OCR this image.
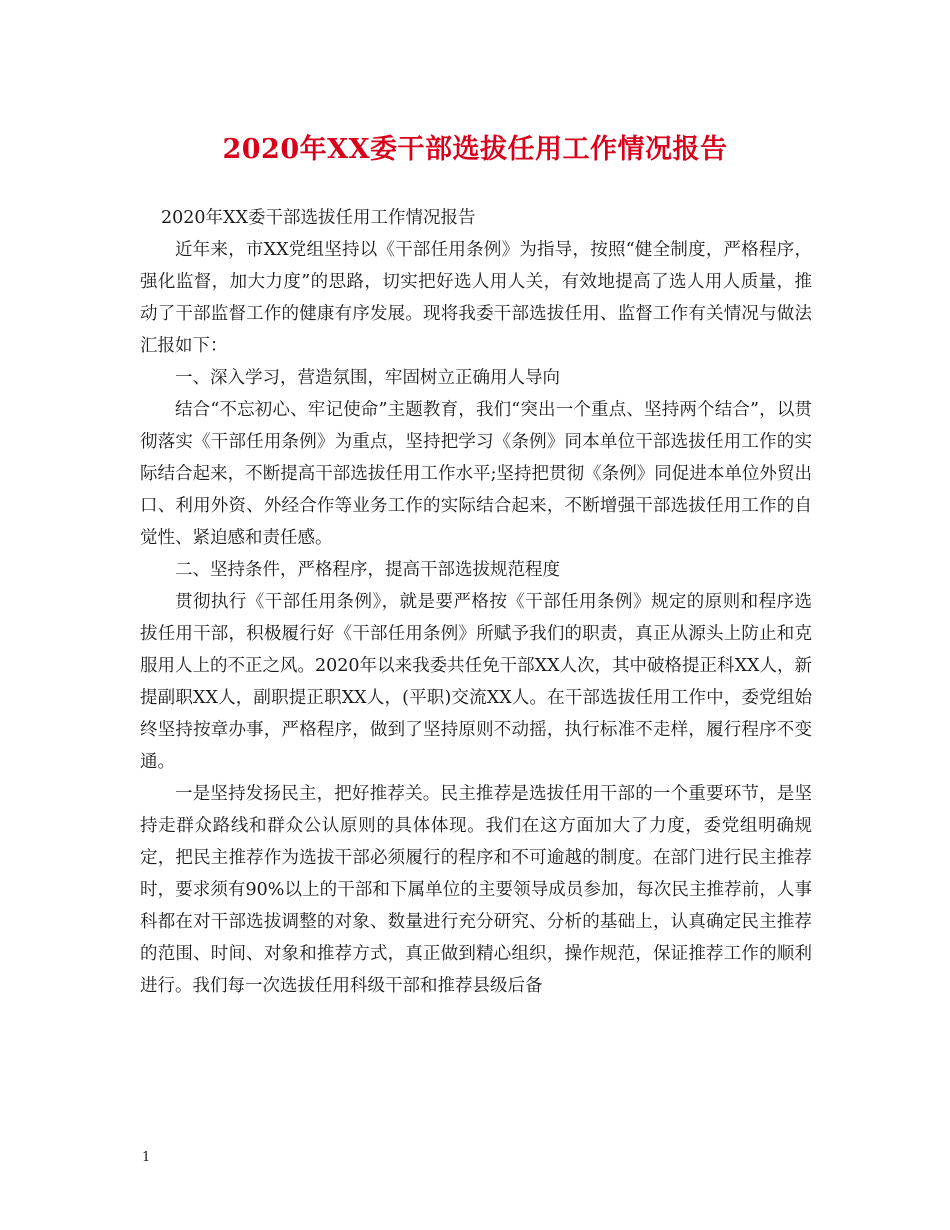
2020年XX委干部选拔任用工作情况报告

2020年XX委干部选拔任用工作情况报告

近年来，市XX党组坚持以《干部任用条例》为指导，按照“健全制度，严格程序，强化监督，加大力度”的思路，切实把好选人用人关，有效地提高了选人用人质量，推动了干部监督工作的健康有序发展。现将我委干部选拔任用、监督工作有关情况与做法汇报如下：

一、深入学习，营造氛围，牢固树立正确用人导向

结合“不忘初心、牢记使命”主题教育，我们“突出一个重点、坚持两个结合”，以贯彻落实《干部任用条例》为重点，坚持把学习《条例》同本单位干部选拔任用工作的实际结合起来，不断提高干部选拔任用工作水平;坚持把贯彻《条例》同促进本单位外贸出口、利用外资、外经合作等业务工作的实际结合起来，不断增强干部选拔任用工作的自觉性、紧迫感和责任感。

二、坚持条件，严格程序，提高干部选拔规范程度

贯彻执行《干部任用条例》，就是要严格按《干部任用条例》规定的原则和程序选拔任用干部，积极履行好《干部任用条例》所赋予我们的职责，真正从源头上防止和克服用人上的不正之风。2020年以来我委共任免干部XX人次，其中破格提正科XX人，新提副职XX人，副职提正职XX人，(平职)交流XX人。在干部选拔任用工作中，委党组始终坚持按章办事，严格程序，做到了坚持原则不动摇，执行标准不走样，履行程序不变通。

一是坚持发扬民主，把好推荐关。民主推荐是选拔任用干部的一个重要环节，是坚持走群众路线和群众公认原则的具体体现。我们在这方面加大了力度，委党组明确规定，把民主推荐作为选拔干部必须履行的程序和不可逾越的制度。在部门进行民主推荐时，要求须有90%以上的干部和下属单位的主要领导成员参加，每次民主推荐前，人事科都在对干部选拔调整的对象、数量进行充分研究、分析的基础上，认真确定民主推荐的范围、时间、对象和推荐方式，真正做到精心组织，操作规范，保证推荐工作的顺利进行。我们每一次选拔任用科级干部和推荐县级后备

1
